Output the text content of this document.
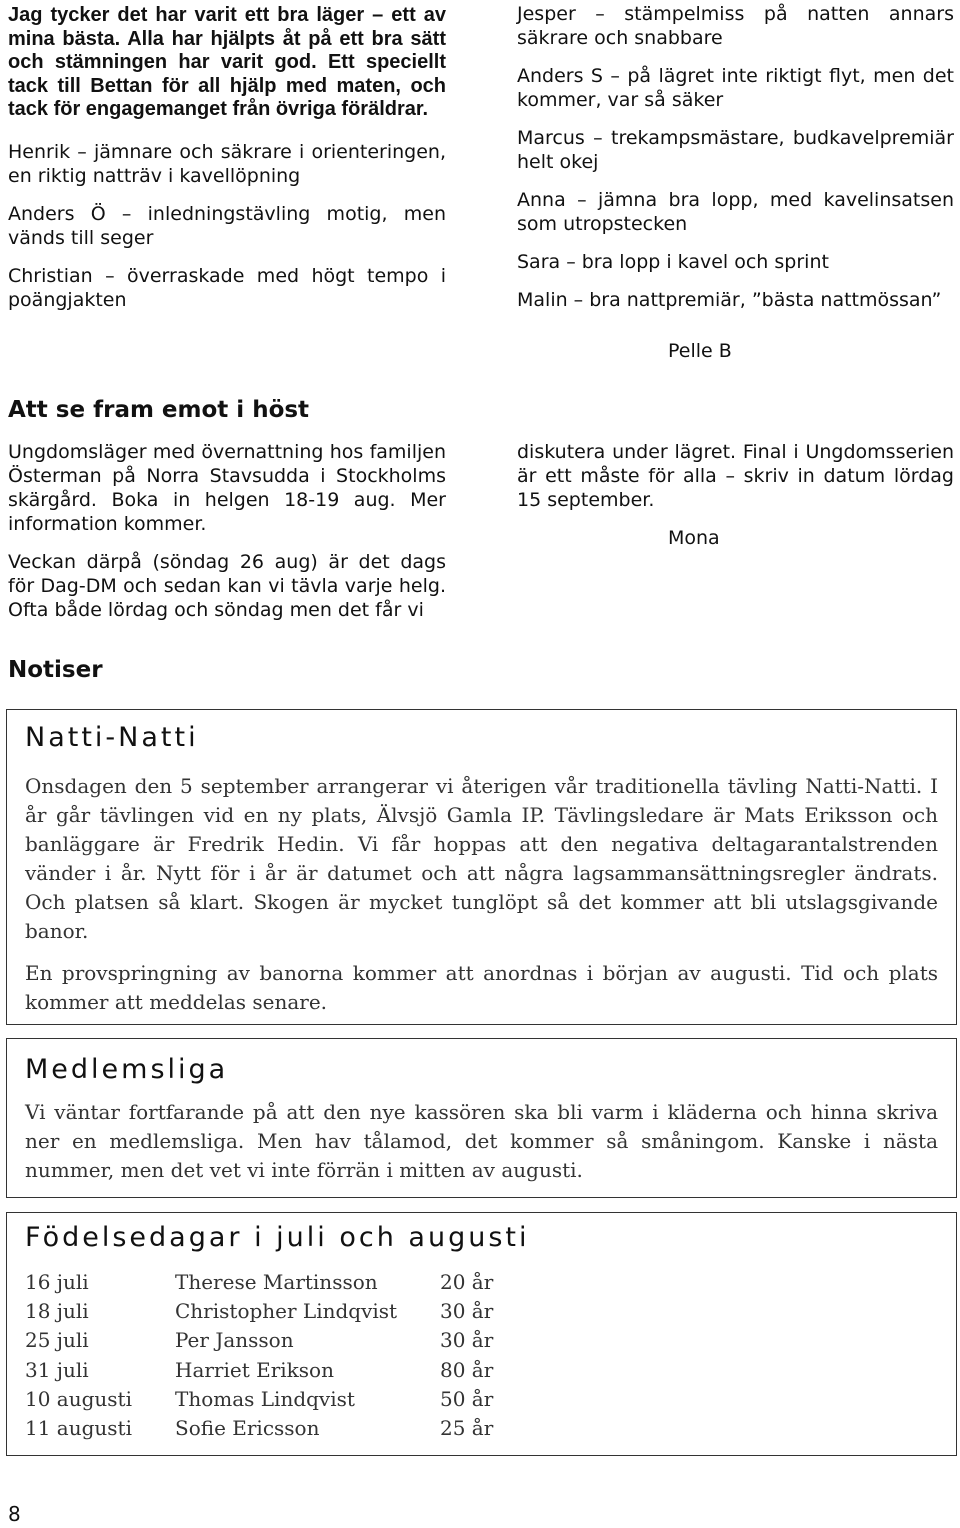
Jag tycker det har varit ett bra läger – ett av mina bästa. Alla har hjälpts åt på ett bra sätt och stämningen har varit god. Ett speciellt tack till Bettan för all hjälp med maten, och tack för engagemanget från övriga föräldrar.

Henrik – jämnare och säkrare i orienteringen, en riktig natträv i kavellöpning

Anders Ö – inledningstävling motig, men vänds till seger

Christian – överraskade med högt tempo i poängjakten

Jesper – stämpelmiss på natten annars säkrare och snabbare

Anders S – på lägret inte riktigt flyt, men det kommer, var så säker

Marcus – trekampsmästare, budkavelpremiär helt okej

Anna – jämna bra lopp, med kavelinsatsen som utropstecken

Sara – bra lopp i kavel och sprint

Malin – bra nattpremiär, ”bästa nattmössan”

Pelle B
Att se fram emot i höst

Ungdomsläger med övernattning hos familjen Österman på Norra Stavsudda i Stockholms skärgård. Boka in helgen 18-19 aug. Mer information kommer.

Veckan därpå (söndag 26 aug) är det dags för Dag-DM och sedan kan vi tävla varje helg. Ofta både lördag och söndag men det får vi

diskutera under lägret. Final i Ungdomsserien är ett måste för alla – skriv in datum lördag 15 september.

Mona
Notiser

Natti-Natti

Onsdagen den 5 september arrangerar vi återigen vår traditionella tävling Natti-Natti. I år går tävlingen vid en ny plats, Älvsjö Gamla IP. Tävlingsledare är Mats Eriksson och banläggare är Fredrik Hedin. Vi får hoppas att den negativa deltagarantalstrenden vänder i år. Nytt för i år är datumet och att några lagsammansättningsregler ändrats. Och platsen så klart. Skogen är mycket tunglöpt så det kommer att bli utslagsgivande banor.

En provspringning av banorna kommer att anordnas i början av augusti. Tid och plats kommer att meddelas senare.

Medlemsliga

Vi väntar fortfarande på att den nye kassören ska bli varm i kläderna och hinna skriva ner en medlemsliga. Men hav tålamod, det kommer så småningom. Kanske i nästa nummer, men det vet vi inte förrän i mitten av augusti.

Födelsedagar i juli och augusti

16 juli	Therese Martinsson	20 år
18 juli	Christopher Lindqvist	30 år
25 juli	Per Jansson	30 år
31 juli	Harriet Erikson	80 år
10 augusti	Thomas Lindqvist	50 år
11 augusti	Sofie Ericsson	25 år
8
